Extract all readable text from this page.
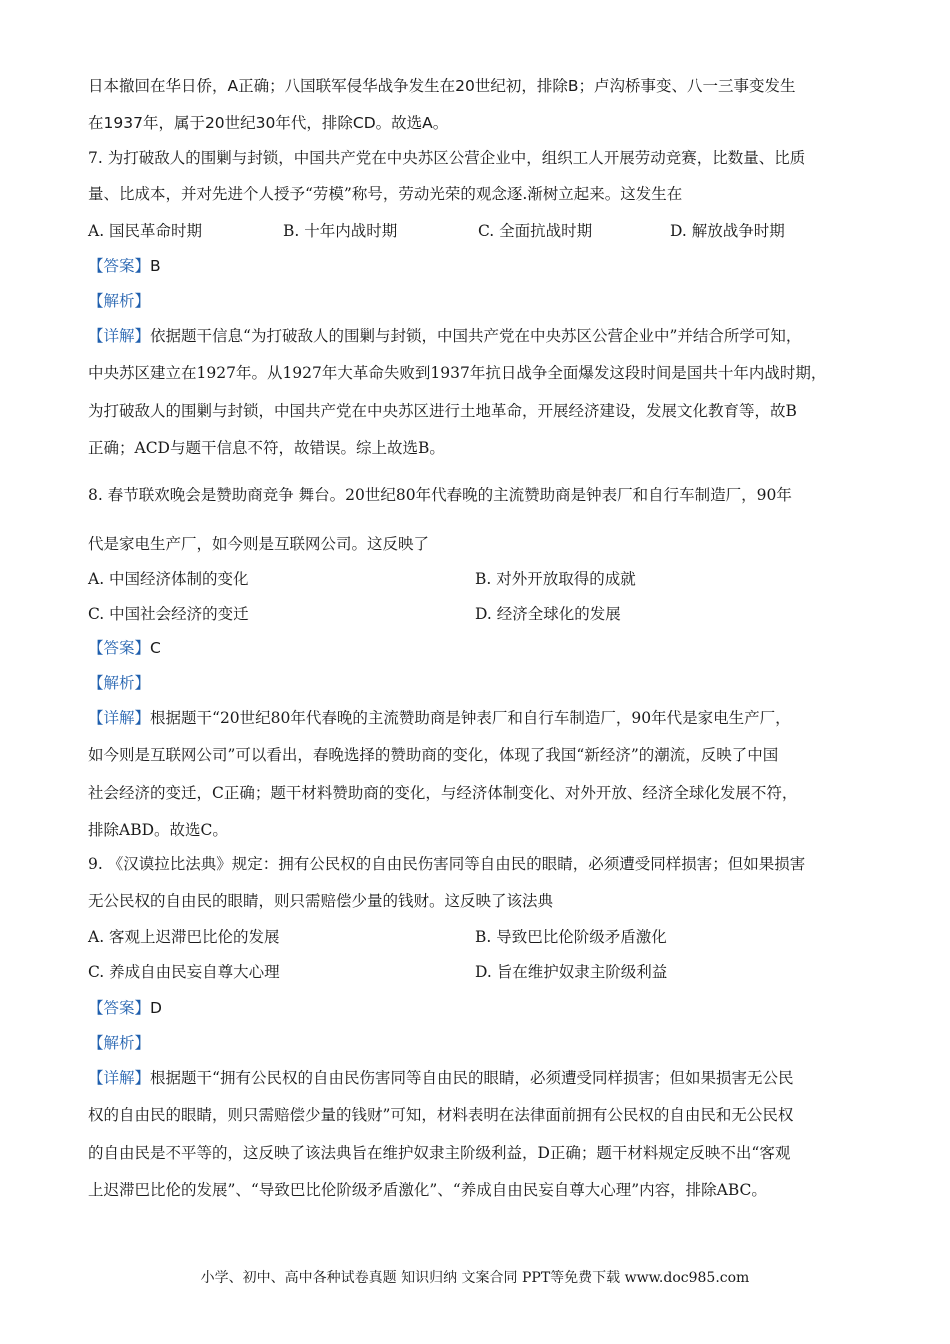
日本撤回在华日侨，A正确；八国联军侵华战争发生在20世纪初，排除B；卢沟桥事变、八一三事变发生
在1937年，属于20世纪30年代，排除CD。故选A。
7. 为打破敌人的围剿与封锁，中国共产党在中央苏区公营企业中，组织工人开展劳动竞赛，比数量、比质
量、比成本，并对先进个人授予“劳模”称号，劳动光荣的观念逐.渐树立起来。这发生在
A. 国民革命时期	B. 十年内战时期	C. 全面抗战时期	D. 解放战争时期
【答案】B
【解析】
【详解】依据题干信息“为打破敌人的围剿与封锁，中国共产党在中央苏区公营企业中”并结合所学可知，
中央苏区建立在1927年。从1927年大革命失败到1937年抗日战争全面爆发这段时间是国共十年内战时期，
为打破敌人的围剿与封锁，中国共产党在中央苏区进行土地革命，开展经济建设，发展文化教育等，故B
正确；ACD与题干信息不符，故错误。综上故选B。
8. 春节联欢晚会是赞助商竞争 舞台。20世纪80年代春晚的主流赞助商是钟表厂和自行车制造厂，90年
代是家电生产厂，如今则是互联网公司。这反映了
A. 中国经济体制的变化	B. 对外开放取得的成就
C. 中国社会经济的变迁	D. 经济全球化的发展
【答案】C
【解析】
【详解】根据题干“20世纪80年代春晚的主流赞助商是钟表厂和自行车制造厂，90年代是家电生产厂，
如今则是互联网公司”可以看出，春晚选择的赞助商的变化，体现了我国“新经济”的潮流，反映了中国
社会经济的变迁，C正确；题干材料赞助商的变化，与经济体制变化、对外开放、经济全球化发展不符，
排除ABD。故选C。
9. 《汉谟拉比法典》规定：拥有公民权的自由民伤害同等自由民的眼睛，必须遭受同样损害；但如果损害
无公民权的自由民的眼睛，则只需赔偿少量的钱财。这反映了该法典
A. 客观上迟滞巴比伦的发展	B. 导致巴比伦阶级矛盾激化
C. 养成自由民妄自尊大心理	D. 旨在维护奴隶主阶级利益
【答案】D
【解析】
【详解】根据题干“拥有公民权的自由民伤害同等自由民的眼睛，必须遭受同样损害；但如果损害无公民
权的自由民的眼睛，则只需赔偿少量的钱财”可知，材料表明在法律面前拥有公民权的自由民和无公民权
的自由民是不平等的，这反映了该法典旨在维护奴隶主阶级利益，D正确；题干材料规定反映不出“客观
上迟滞巴比伦的发展”、“导致巴比伦阶级矛盾激化”、“养成自由民妄自尊大心理”内容，排除ABC。
小学、初中、高中各种试卷真题 知识归纳 文案合同 PPT等免费下载 www.doc985.com
